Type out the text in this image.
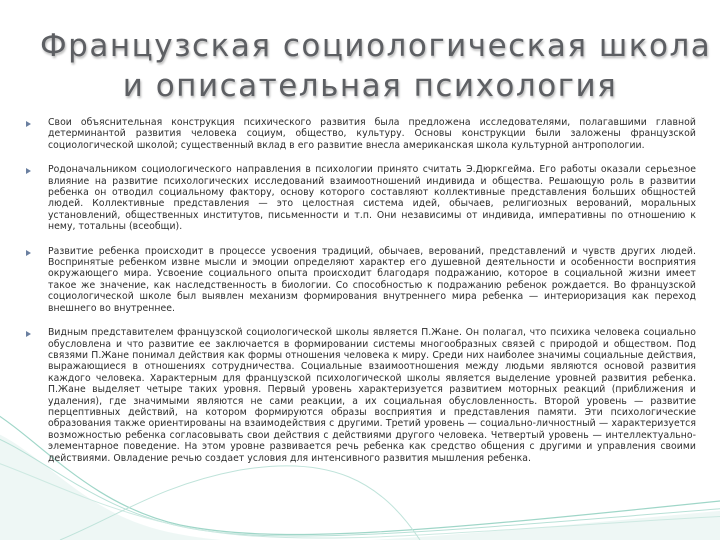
Французская социологическая школа
и описательная психология

Свои объяснительная конструкция психического развития была предложена исследователями, полагавшими главной детерминантой развития человека социум, общество, культуру. Основы конструкции были заложены французской социологической школой; существенный вклад в его развитие внесла американская школа культурной антропологии.

Родоначальником социологического направления в психологии принято считать Э.Дюркгейма. Его работы оказали серьезное влияние на развитие психологических исследований взаимоотношений индивида и общества. Решающую роль в развитии ребенка он отводил социальному фактору, основу которого составляют коллективные представления больших общностей людей. Коллективные представления — это целостная система идей, обычаев, религиозных верований, моральных установлений, общественных институтов, письменности и т.п. Они независимы от индивида, императивны по отношению к нему, тотальны (всеобщи).

Развитие ребенка происходит в процессе усвоения традиций, обычаев, верований, представлений и чувств других людей. Воспринятые ребенком извне мысли и эмоции определяют характер его душевной деятельности и особенности восприятия окружающего мира. Усвоение социального опыта происходит благодаря подражанию, которое в социальной жизни имеет такое же значение, как наследственность в биологии. Со способностью к подражанию ребенок рождается. Во французской социологической школе был выявлен механизм формирования внутреннего мира ребенка — интериоризация как переход внешнего во внутреннее.

Видным представителем французской социологической школы является П.Жане. Он полагал, что психика человека социально обусловлена и что развитие ее заключается в формировании системы многообразных связей с природой и обществом. Под связями П.Жане понимал действия как формы отношения человека к миру. Среди них наиболее значимы социальные действия, выражающиеся в отношениях сотрудничества. Социальные взаимоотношения между людьми являются основой развития каждого человека. Характерным для французской психологической школы является выделение уровней развития ребенка. П.Жане выделяет четыре таких уровня. Первый уровень характеризуется развитием моторных реакций (приближения и удаления), где значимыми являются не сами реакции, а их социальная обусловленность. Второй уровень — развитие перцептивных действий, на котором формируются образы восприятия и представления памяти. Эти психологические образования также ориентированы на взаимодействия с другими. Третий уровень — социально-личностный — характеризуется возможностью ребенка согласовывать свои действия с действиями другого человека. Четвертый уровень — интеллектуально-элементарное поведение. На этом уровне развивается речь ребенка как средство общения с другими и управления своими действиями. Овладение речью создает условия для интенсивного развития мышления ребенка.
